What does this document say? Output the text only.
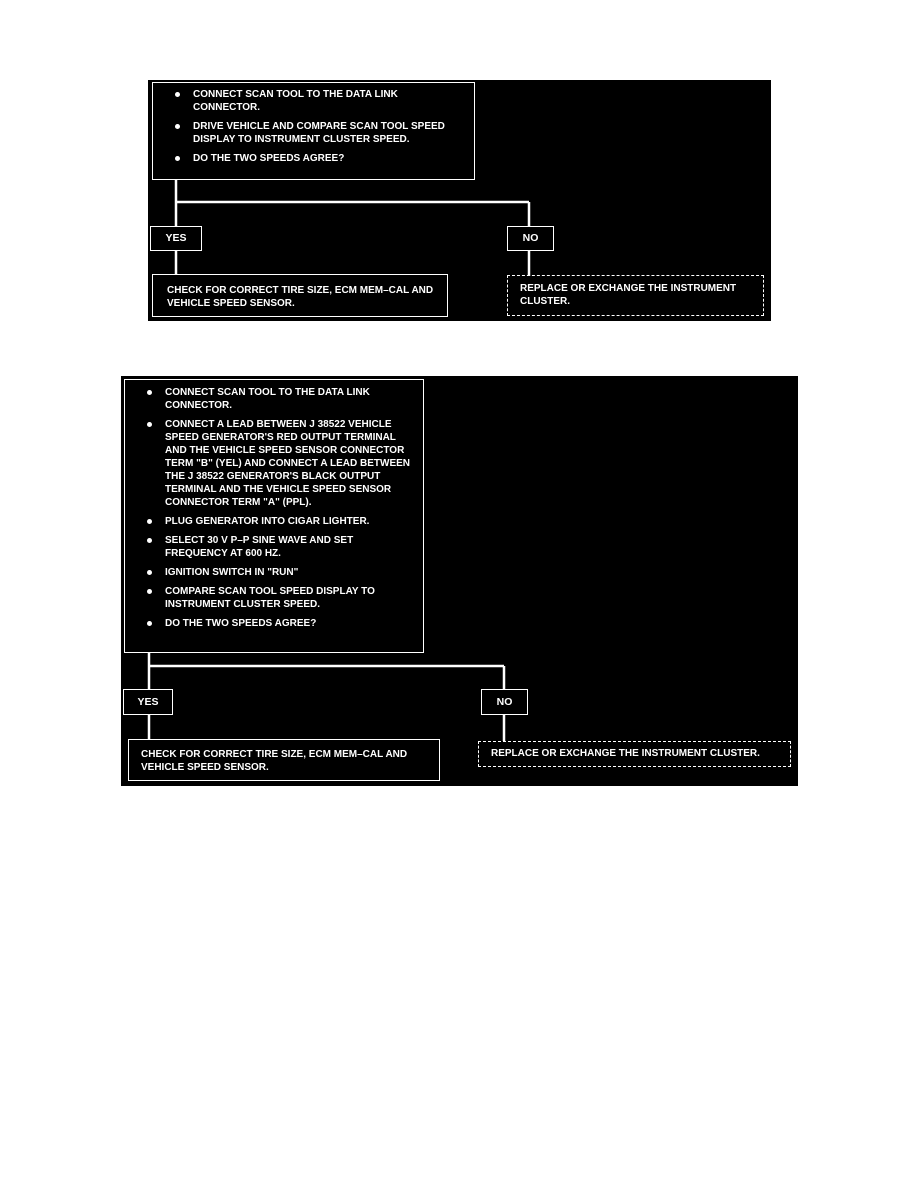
CONNECT SCAN TOOL TO THE DATA LINK CONNECTOR.
DRIVE VEHICLE AND COMPARE SCAN TOOL SPEED DISPLAY TO INSTRUMENT CLUSTER SPEED.
DO THE TWO SPEEDS AGREE?
YES	NO
CHECK FOR CORRECT TIRE SIZE, ECM MEM–CAL AND VEHICLE SPEED SENSOR.
REPLACE OR EXCHANGE THE INSTRUMENT CLUSTER.
CONNECT SCAN TOOL TO THE DATA LINK CONNECTOR.
CONNECT A LEAD BETWEEN J 38522 VEHICLE SPEED GENERATOR'S RED OUTPUT TERMINAL AND THE VEHICLE SPEED SENSOR CONNECTOR TERM "B" (YEL) AND CONNECT A LEAD BETWEEN THE J 38522 GENERATOR'S BLACK OUTPUT TERMINAL AND THE VEHICLE SPEED SENSOR CONNECTOR TERM "A" (PPL).
PLUG GENERATOR INTO CIGAR LIGHTER.
SELECT 30 V P–P SINE WAVE AND SET FREQUENCY AT 600 HZ.
IGNITION SWITCH IN "RUN"
COMPARE SCAN TOOL SPEED DISPLAY TO INSTRUMENT CLUSTER SPEED.
DO THE TWO SPEEDS AGREE?
YES	NO
CHECK FOR CORRECT TIRE SIZE, ECM MEM–CAL AND VEHICLE SPEED SENSOR.
REPLACE OR EXCHANGE THE INSTRUMENT CLUSTER.
